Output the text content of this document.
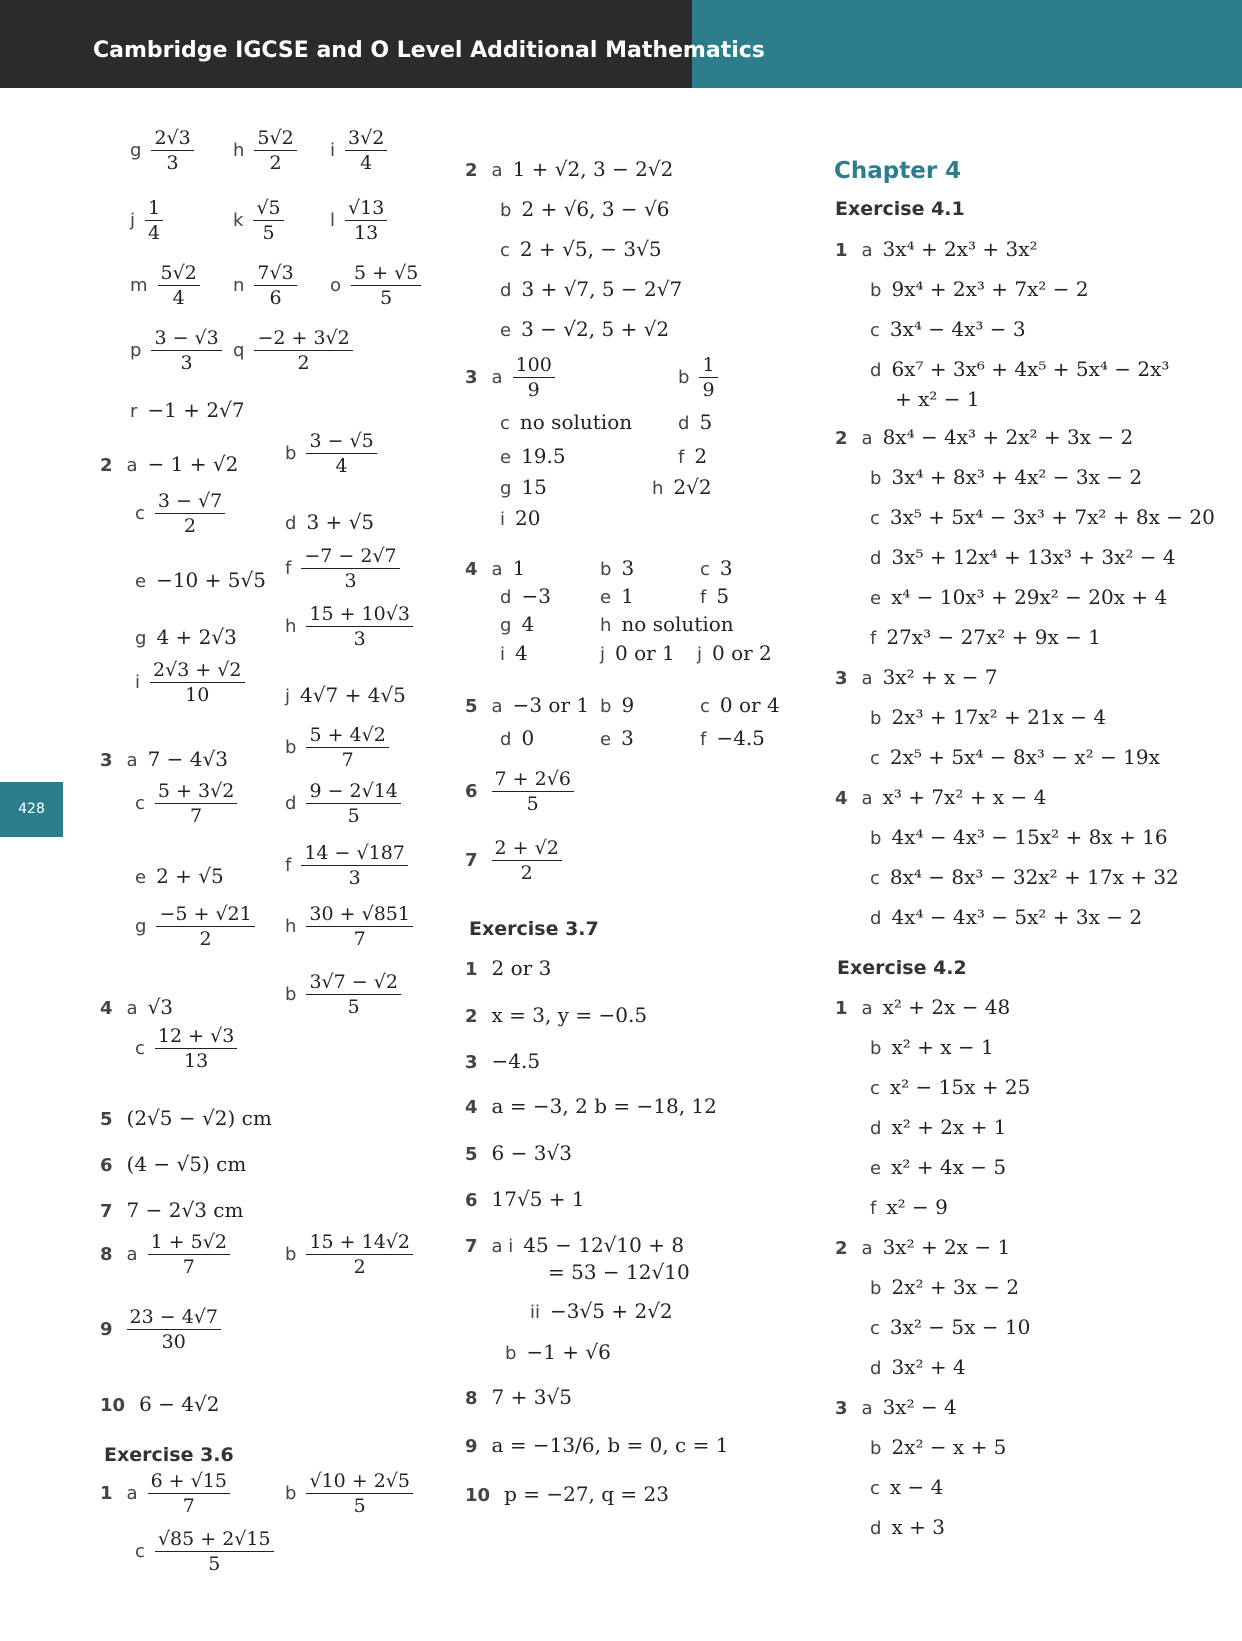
Cambridge IGCSE and O Level Additional Mathematics
428
Chapter 4
Exercise 3.6
Exercise 3.7
Exercise 4.1
Exercise 4.2
g $\frac{2√3}{3}$ h $\frac{5√2}{2}$ i $\frac{3√2}{4}$
j $\frac{1}{4}$	k $\frac{√5}{5}$	l $\frac{√13}{13}$
m $\frac{5√2}{4}$ n $\frac{7√3}{6}$ o $\frac{5 + √5}{5}$
p $\frac{3 - √3}{3}$ q $\frac{-2 + 3√2}{2}$
r −1 + 2√7
2 a − 1 + √2	b $\frac{3 - √5}{4}$
c $\frac{3 - √7}{2}$	d 3 + √5
e −10 + 5√5 f $\frac{-7 - 2√7}{3}$
g 4 + 2√3	h $\frac{15 + 10√3}{3}$
i $\frac{2√3 + √2}{10}$ j 4√7 + 4√5
3 a 7 − 4√3	b $\frac{5 + 4√2}{7}$
c $\frac{5 + 3√2}{7}$	d $\frac{9 - 2√14}{5}$
e 2 + √5	f $\frac{14 - √187}{3}$
g $\frac{-5 + √21}{2}$ h $\frac{30 + √851}{7}$
4 a √3
b $\frac{3√7 - √2}{5}$
c $\frac{12 + √3}{13}$
5 (2√5 − √2) cm
6 (4 − √5) cm
7 7 − 2√3 cm
8 a $\frac{1 + 5√2}{7}$	b $\frac{15 + 14√2}{2}$
$9 \frac{23 - 4√7}{30}$
10 6 − 4√2
1 a $\frac{6 + √15}{7}$	b $\frac{√10 + 2√5}{5}$
c $\frac{√85 + 2√15}{5}$
2 a 1 + √2, 3 − 2√2
b 2 + √6, 3 − √6
c 2 + √5, − 3√5
d 3 + √7, 5 − 2√7
e 3 − √2, 5 + √2
3 a $\frac{100}{9}$	b $\frac{1}{9}$
c no solution	d 5
e 19.5	f 2
g 15	h 2√2
i 20
4 a 1	b 3	c 3
d −3	e 1	f 5
g 4	h no solution
i 4	j 0 or 1 j 0 or 2
5 a −3 or 1 b 9	c 0 or 4
d 0	e 3	f −4.5
$6 \frac{7 + 2√6}{5}$
$7 \frac{2 + √2}{2}$
1 2 or 3
2 x = 3, y = −0.5
3 −4.5
4 a = −3, 2 b = −18, 12
5 6 − 3√3
6 17√5 + 1
7 a i 45 − 12√10 + 8
= 53 − 12√10
ii −3√5 + 2√2
b −1 + √6
8 7 + 3√5
9 a = −13/6, b = 0, c = 1
10 p = −27, q = 23
1 a 3x⁴ + 2x³ + 3x²
b 9x⁴ + 2x³ + 7x² − 2
c 3x⁴ − 4x³ − 3
d 6x⁷ + 3x⁶ + 4x⁵ + 5x⁴ − 2x³
+ x² − 1
2 a 8x⁴ − 4x³ + 2x² + 3x − 2
b 3x⁴ + 8x³ + 4x² − 3x − 2
c 3x⁵ + 5x⁴ − 3x³ + 7x² + 8x − 20
d 3x⁵ + 12x⁴ + 13x³ + 3x² − 4
e x⁴ − 10x³ + 29x² − 20x + 4
f 27x³ − 27x² + 9x − 1
3 a 3x² + x − 7
b 2x³ + 17x² + 21x − 4
c 2x⁵ + 5x⁴ − 8x³ − x² − 19x
4 a x³ + 7x² + x − 4
b 4x⁴ − 4x³ − 15x² + 8x + 16
c 8x⁴ − 8x³ − 32x² + 17x + 32
d 4x⁴ − 4x³ − 5x² + 3x − 2
1 a x² + 2x − 48
b x² + x − 1
c x² − 15x + 25
d x² + 2x + 1
e x² + 4x − 5
f x² − 9
2 a 3x² + 2x − 1
b 2x² + 3x − 2
c 3x² − 5x − 10
d 3x² + 4
3 a 3x² − 4
b 2x² − x + 5
c x − 4
d x + 3
